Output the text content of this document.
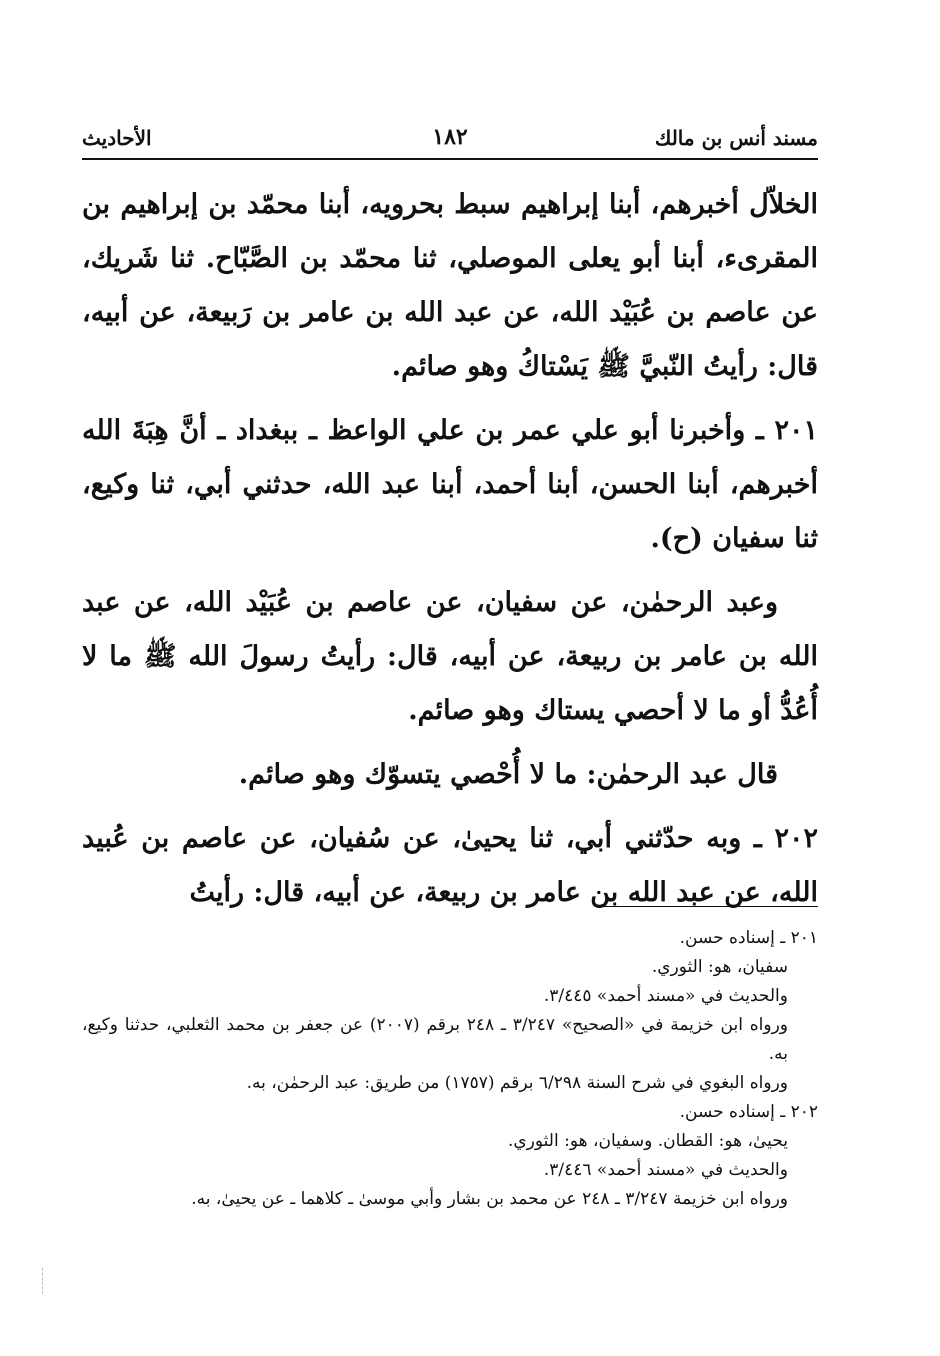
مسند أنس بن مالك
١٨٢
الأحاديث

الخلاّل أخبرهم، أبنا إبراهيم سبط بحرويه، أبنا محمّد بن إبراهيم بن المقرىء، أبنا أبو يعلى الموصلي، ثنا محمّد بن الصَّبّاح. ثنا شَريك، عن عاصم بن عُبَيْد الله، عن عبد الله بن عامر بن رَبيعة، عن أبيه، قال: رأيتُ النّبيَّ ﷺ يَسْتاكُ وهو صائم.

٢٠١ ـ وأخبرنا أبو علي عمر بن علي الواعظ ـ ببغداد ـ أنَّ هِبَةَ الله أخبرهم، أبنا الحسن، أبنا أحمد، أبنا عبد الله، حدثني أبي، ثنا وكيع، ثنا سفيان (ح).

وعبد الرحمٰن، عن سفيان، عن عاصم بن عُبَيْد الله، عن عبد الله بن عامر بن ربيعة، عن أبيه، قال: رأيتُ رسولَ الله ﷺ ما لا أُعُدُّ أو ما لا أحصي يستاك وهو صائم.

قال عبد الرحمٰن: ما لا أُحْصي يتسوّك وهو صائم.

٢٠٢ ـ وبه حدّثني أبي، ثنا يحيىٰ، عن سُفيان، عن عاصم بن عُبيد الله، عن عبد الله بن عامر بن ربيعة، عن أبيه، قال: رأيتُ

٢٠١ ـ إسناده حسن.

سفيان، هو: الثوري.

والحديث في «مسند أحمد» ٣/٤٤٥.

ورواه ابن خزيمة في «الصحيح» ٣/٢٤٧ ـ ٢٤٨ برقم (٢٠٠٧) عن جعفر بن محمد الثعلبي، حدثنا وكيع، به.

ورواه البغوي في شرح السنة ٦/٢٩٨ برقم (١٧٥٧) من طريق: عبد الرحمٰن، به.

٢٠٢ ـ إسناده حسن.

يحيىٰ، هو: القطان. وسفيان، هو: الثوري.

والحديث في «مسند أحمد» ٣/٤٤٦.

ورواه ابن خزيمة ٣/٢٤٧ ـ ٢٤٨ عن محمد بن بشار وأبي موسىٰ ـ كلاهما ـ عن يحيىٰ، به.
